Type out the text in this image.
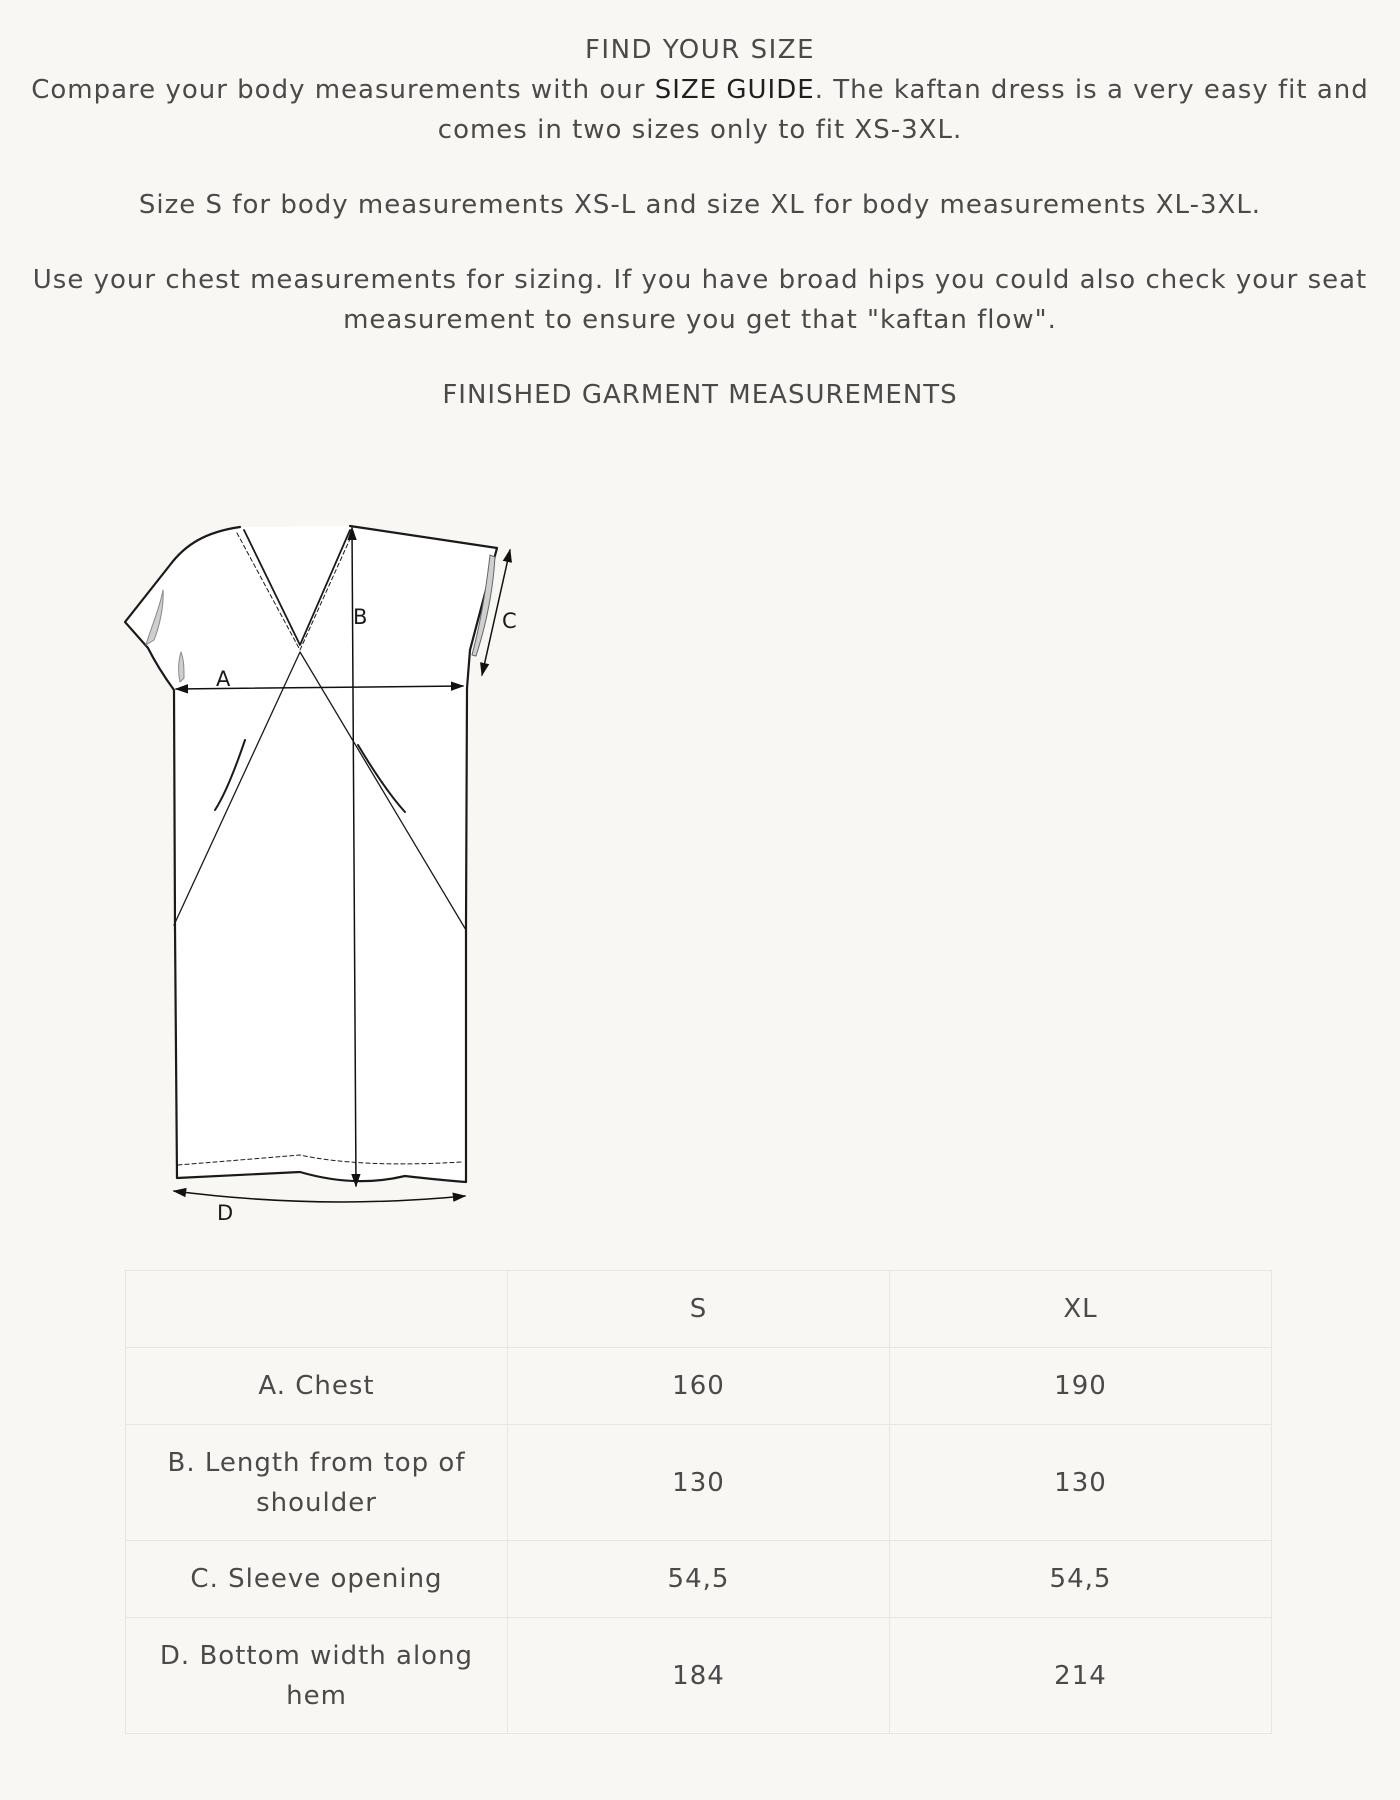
FIND YOUR SIZE

Compare your body measurements with our SIZE GUIDE. The kaftan dress is a very easy fit and comes in two sizes only to fit XS-3XL.

Size S for body measurements XS-L and size XL for body measurements XL-3XL.

Use your chest measurements for sizing. If you have broad hips you could also check your seat measurement to ensure you get that "kaftan flow".

FINISHED GARMENT MEASUREMENTS

A
B	C
D
	S	XL
A. Chest	160	190
B. Length from top of shoulder	130	130
C. Sleeve opening	54,5	54,5
D. Bottom width along hem	184	214
